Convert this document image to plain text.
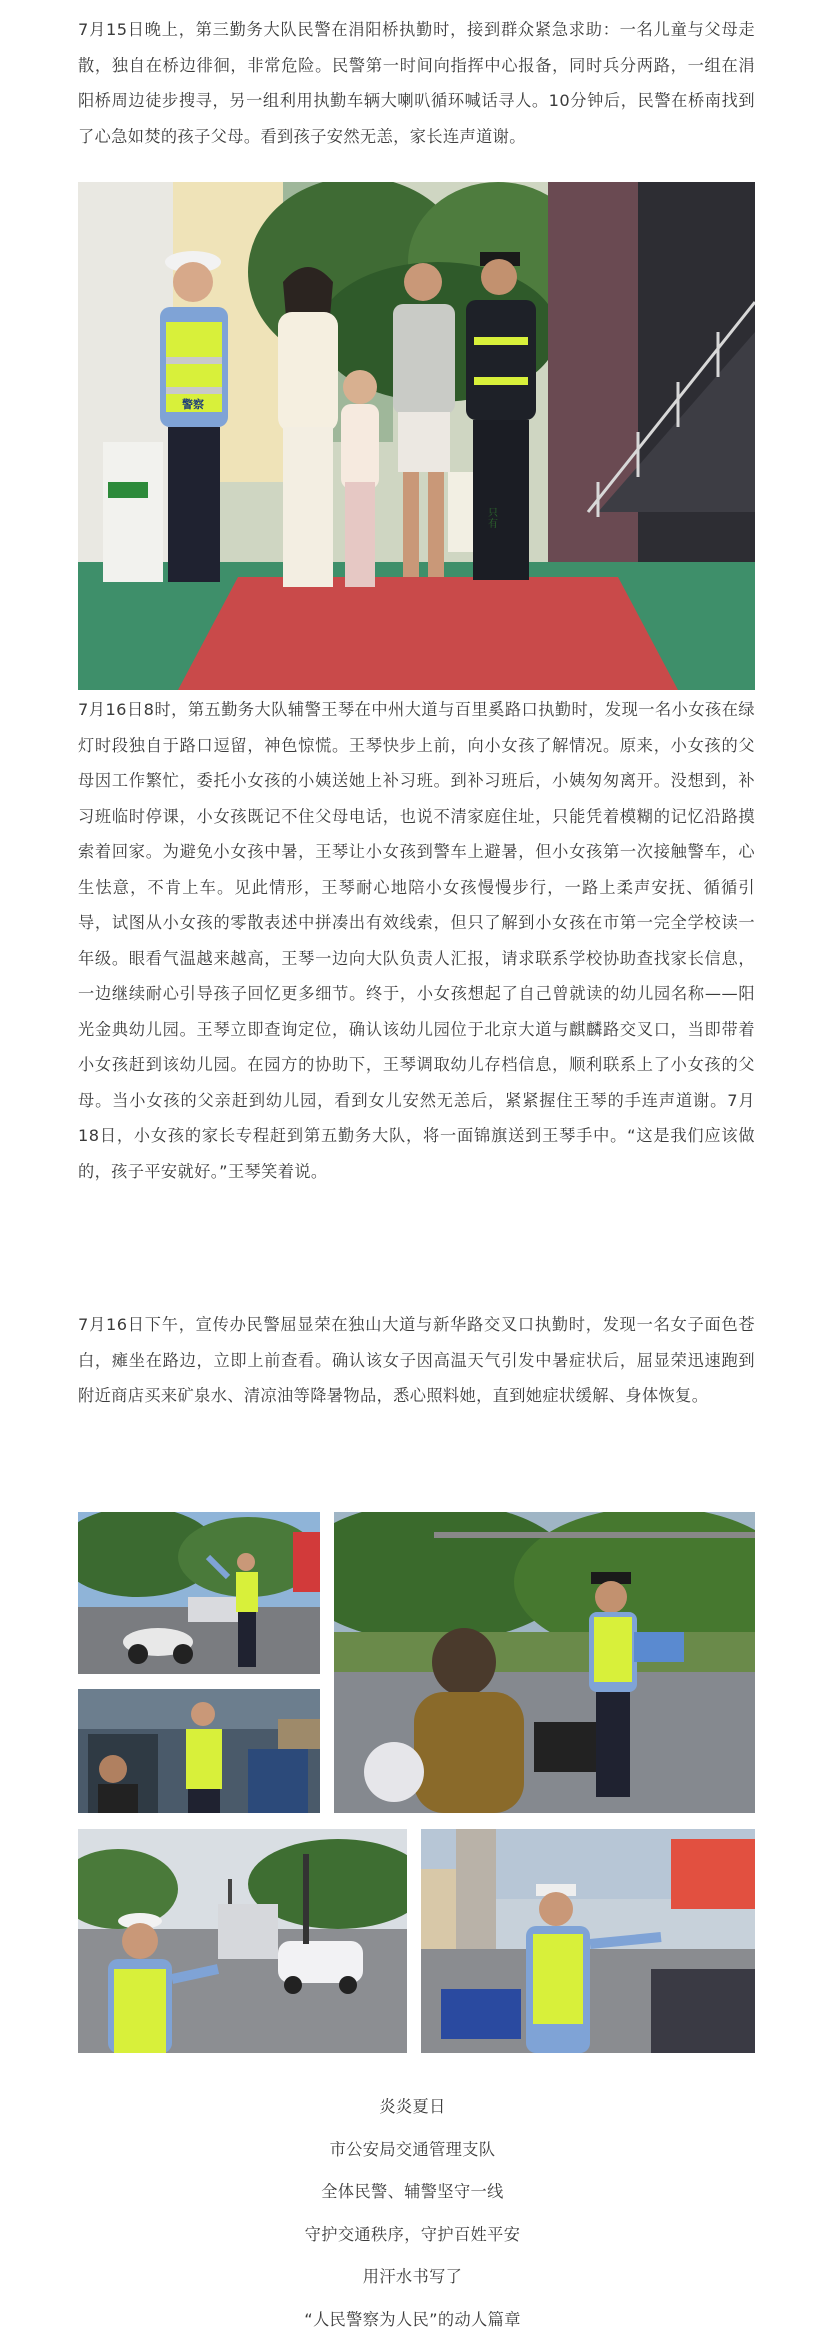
7月15日晚上，第三勤务大队民警在涓阳桥执勤时，接到群众紧急求助：一名儿童与父母走散，独自在桥边徘徊，非常危险。民警第一时间向指挥中心报备，同时兵分两路，一组在涓阳桥周边徒步搜寻，另一组利用执勤车辆大喇叭循环喊话寻人。10分钟后，民警在桥南找到了心急如焚的孩子父母。看到孩子安然无恙，家长连声道谢。

警察
只有

7月16日8时，第五勤务大队辅警王琴在中州大道与百里奚路口执勤时，发现一名小女孩在绿灯时段独自于路口逗留，神色惊慌。王琴快步上前，向小女孩了解情况。原来，小女孩的父母因工作繁忙，委托小女孩的小姨送她上补习班。到补习班后，小姨匆匆离开。没想到，补习班临时停课，小女孩既记不住父母电话，也说不清家庭住址，只能凭着模糊的记忆沿路摸索着回家。为避免小女孩中暑，王琴让小女孩到警车上避暑，但小女孩第一次接触警车，心生怯意，不肯上车。见此情形，王琴耐心地陪小女孩慢慢步行，一路上柔声安抚、循循引导，试图从小女孩的零散表述中拼凑出有效线索，但只了解到小女孩在市第一完全学校读一年级。眼看气温越来越高，王琴一边向大队负责人汇报，请求联系学校协助查找家长信息，一边继续耐心引导孩子回忆更多细节。终于，小女孩想起了自己曾就读的幼儿园名称——阳光金典幼儿园。王琴立即查询定位，确认该幼儿园位于北京大道与麒麟路交叉口，当即带着小女孩赶到该幼儿园。在园方的协助下，王琴调取幼儿存档信息，顺利联系上了小女孩的父母。当小女孩的父亲赶到幼儿园，看到女儿安然无恙后，紧紧握住王琴的手连声道谢。7月18日，小女孩的家长专程赶到第五勤务大队，将一面锦旗送到王琴手中。“这是我们应该做的，孩子平安就好。”王琴笑着说。

7月16日下午，宣传办民警屈显荣在独山大道与新华路交叉口执勤时，发现一名女子面色苍白，瘫坐在路边，立即上前查看。确认该女子因高温天气引发中暑症状后，屈显荣迅速跑到附近商店买来矿泉水、清凉油等降暑物品，悉心照料她，直到她症状缓解、身体恢复。

炎炎夏日

市公安局交通管理支队

全体民警、辅警坚守一线

守护交通秩序，守护百姓平安

用汗水书写了

“人民警察为人民”的动人篇章
